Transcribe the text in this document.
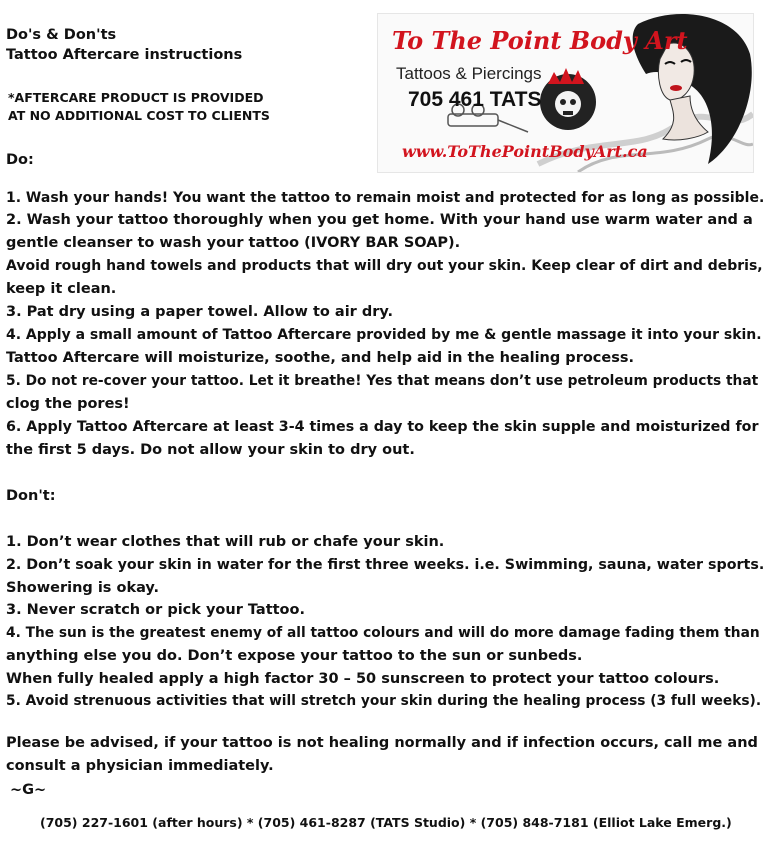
Do's & Don'ts
Tattoo Aftercare instructions
*AFTERCARE PRODUCT IS PROVIDED
AT NO ADDITIONAL COST TO CLIENTS
To The Point Body Art
Tattoos & Piercings
705 461 TATS
www.ToThePointBodyArt.ca
Do:
1. Wash your hands! You want the tattoo to remain moist and protected for as long as possible.
2. Wash your tattoo thoroughly when you get home. With your hand use warm water and a
gentle cleanser to wash your tattoo (IVORY BAR SOAP).
Avoid rough hand towels and products that will dry out your skin. Keep clear of dirt and debris,
keep it clean.
3. Pat dry using a paper towel. Allow to air dry.
4. Apply a small amount of Tattoo Aftercare provided by me & gentle massage it into your skin.
Tattoo Aftercare will moisturize, soothe, and help aid in the healing process.
5. Do not re-cover your tattoo. Let it breathe! Yes that means don’t use petroleum products that
clog the pores!
6. Apply Tattoo Aftercare at least 3-4 times a day to keep the skin supple and moisturized for
the first 5 days. Do not allow your skin to dry out.
Don't:
1. Don’t wear clothes that will rub or chafe your skin.
2. Don’t soak your skin in water for the first three weeks. i.e. Swimming, sauna, water sports.
Showering is okay.
3. Never scratch or pick your Tattoo.
4. The sun is the greatest enemy of all tattoo colours and will do more damage fading them than
anything else you do. Don’t expose your tattoo to the sun or sunbeds.
When fully healed apply a high factor 30 – 50 sunscreen to protect your tattoo colours.
5. Avoid strenuous activities that will stretch your skin during the healing process (3 full weeks).
Please be advised, if your tattoo is not healing normally and if infection occurs, call me and
consult a physician immediately.
~G~
(705) 227-1601 (after hours) * (705) 461-8287 (TATS Studio) * (705) 848-7181 (Elliot Lake Emerg.)
